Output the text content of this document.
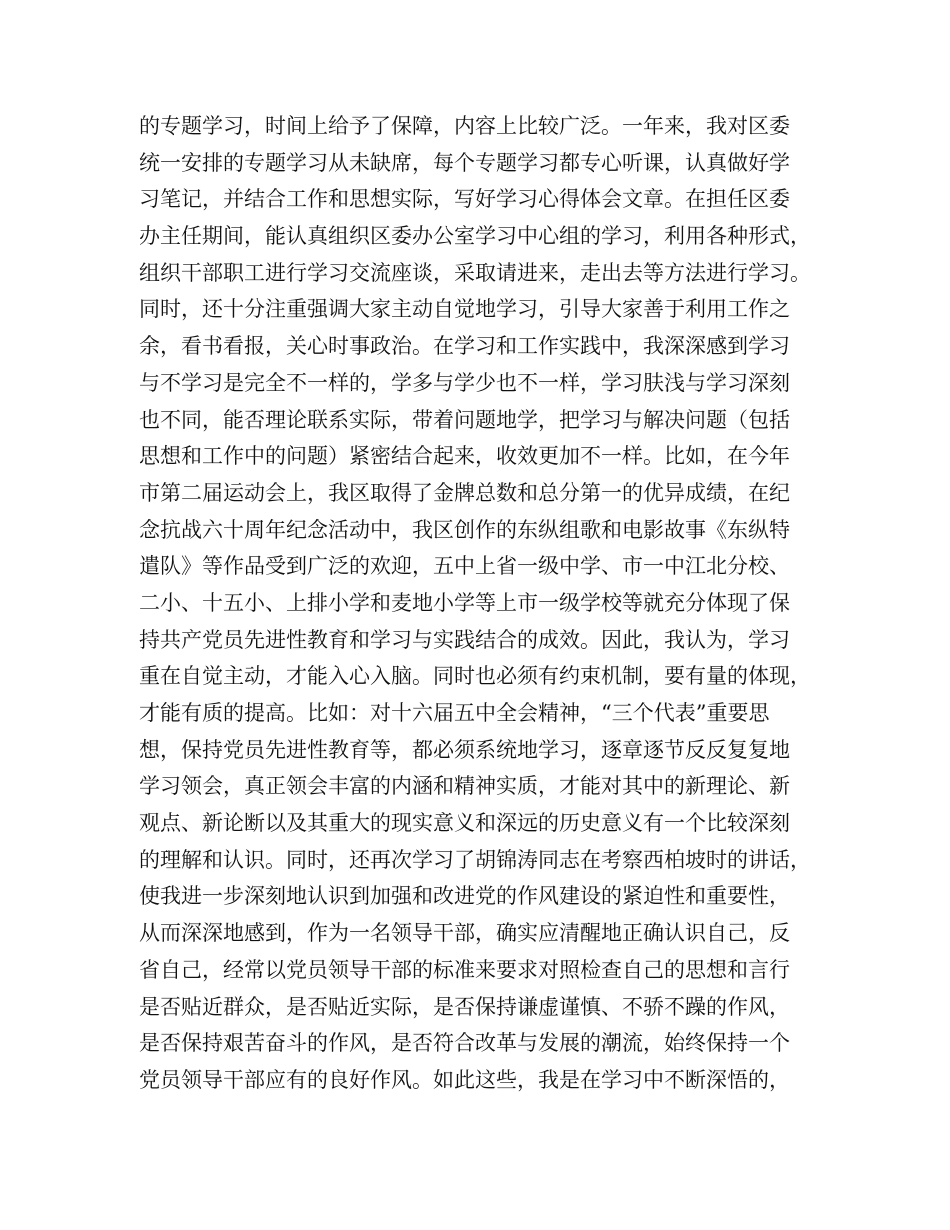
的专题学习，时间上给予了保障，内容上比较广泛。一年来，我对区委
统一安排的专题学习从未缺席，每个专题学习都专心听课，认真做好学
习笔记，并结合工作和思想实际，写好学习心得体会文章。在担任区委
办主任期间，能认真组织区委办公室学习中心组的学习，利用各种形式，
组织干部职工进行学习交流座谈，采取请进来，走出去等方法进行学习。
同时，还十分注重强调大家主动自觉地学习，引导大家善于利用工作之
余，看书看报，关心时事政治。在学习和工作实践中，我深深感到学习
与不学习是完全不一样的，学多与学少也不一样，学习肤浅与学习深刻
也不同，能否理论联系实际，带着问题地学，把学习与解决问题（包括
思想和工作中的问题）紧密结合起来，收效更加不一样。比如，在今年
市第二届运动会上，我区取得了金牌总数和总分第一的优异成绩，在纪
念抗战六十周年纪念活动中，我区创作的东纵组歌和电影故事《东纵特
遣队》等作品受到广泛的欢迎，五中上省一级中学、市一中江北分校、
二小、十五小、上排小学和麦地小学等上市一级学校等就充分体现了保
持共产党员先进性教育和学习与实践结合的成效。因此，我认为，学习
重在自觉主动，才能入心入脑。同时也必须有约束机制，要有量的体现，
才能有质的提高。比如：对十六届五中全会精神，“三个代表”重要思
想，保持党员先进性教育等，都必须系统地学习，逐章逐节反反复复地
学习领会，真正领会丰富的内涵和精神实质，才能对其中的新理论、新
观点、新论断以及其重大的现实意义和深远的历史意义有一个比较深刻
的理解和认识。同时，还再次学习了胡锦涛同志在考察西柏坡时的讲话，
使我进一步深刻地认识到加强和改进党的作风建设的紧迫性和重要性，
从而深深地感到，作为一名领导干部，确实应清醒地正确认识自己，反
省自己，经常以党员领导干部的标准来要求对照检查自己的思想和言行
是否贴近群众，是否贴近实际，是否保持谦虚谨慎、不骄不躁的作风，
是否保持艰苦奋斗的作风，是否符合改革与发展的潮流，始终保持一个
党员领导干部应有的良好作风。如此这些，我是在学习中不断深悟的，
